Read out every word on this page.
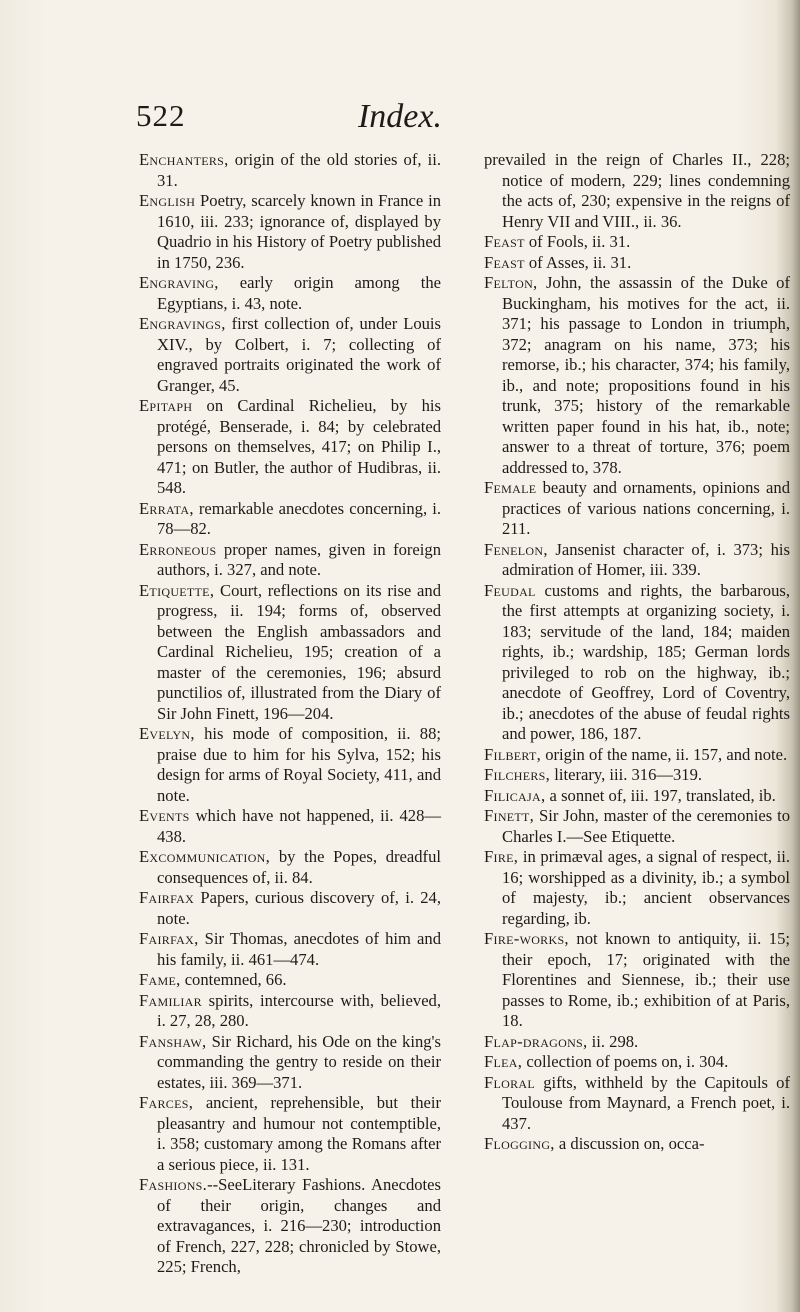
522	Index.

Enchanters, origin of the old stories of, ii. 31.

English Poetry, scarcely known in France in 1610, iii. 233; ignorance of, displayed by Quadrio in his History of Poetry published in 1750, 236.

Engraving, early origin among the Egyptians, i. 43, note.

Engravings, first collection of, under Louis XIV., by Colbert, i. 7; collecting of engraved portraits originated the work of Granger, 45.

Epitaph on Cardinal Richelieu, by his protégé, Benserade, i. 84; by celebrated persons on themselves, 417; on Philip I., 471; on Butler, the author of Hudibras, ii. 548.

Errata, remarkable anecdotes concerning, i. 78—82.

Erroneous proper names, given in foreign authors, i. 327, and note.

Etiquette, Court, reflections on its rise and progress, ii. 194; forms of, observed between the English ambassadors and Cardinal Richelieu, 195; creation of a master of the ceremonies, 196; absurd punctilios of, illustrated from the Diary of Sir John Finett, 196—204.

Evelyn, his mode of composition, ii. 88; praise due to him for his Sylva, 152; his design for arms of Royal Society, 411, and note.

Events which have not happened, ii. 428—438.

Excommunication, by the Popes, dreadful consequences of, ii. 84.

Fairfax Papers, curious discovery of, i. 24, note.

Fairfax, Sir Thomas, anecdotes of him and his family, ii. 461—474.

Fame, contemned, 66.

Familiar spirits, intercourse with, believed, i. 27, 28, 280.

Fanshaw, Sir Richard, his Ode on the king's commanding the gentry to reside on their estates, iii. 369—371.

Farces, ancient, reprehensible, but their pleasantry and humour not contemptible, i. 358; customary among the Romans after a serious piece, ii. 131.

Fashions.--SeeLiterary Fashions. Anecdotes of their origin, changes and extravagances, i. 216—230; introduction of French, 227, 228; chronicled by Stowe, 225; French,

prevailed in the reign of Charles II., 228; notice of modern, 229; lines condemning the acts of, 230; expensive in the reigns of Henry VII and VIII., ii. 36.

Feast of Fools, ii. 31.

Feast of Asses, ii. 31.

Felton, John, the assassin of the Duke of Buckingham, his motives for the act, ii. 371; his passage to London in triumph, 372; anagram on his name, 373; his remorse, ib.; his character, 374; his family, ib., and note; propositions found in his trunk, 375; history of the remarkable written paper found in his hat, ib., note; answer to a threat of torture, 376; poem addressed to, 378.

Female beauty and ornaments, opinions and practices of various nations concerning, i. 211.

Fenelon, Jansenist character of, i. 373; his admiration of Homer, iii. 339.

Feudal customs and rights, the barbarous, the first attempts at organizing society, i. 183; servitude of the land, 184; maiden rights, ib.; wardship, 185; German lords privileged to rob on the highway, ib.; anecdote of Geoffrey, Lord of Coventry, ib.; anecdotes of the abuse of feudal rights and power, 186, 187.

Filbert, origin of the name, ii. 157, and note.

Filchers, literary, iii. 316—319.

Filicaja, a sonnet of, iii. 197, translated, ib.

Finett, Sir John, master of the ceremonies to Charles I.—See Etiquette.

Fire, in primæval ages, a signal of respect, ii. 16; worshipped as a divinity, ib.; a symbol of majesty, ib.; ancient observances regarding, ib.

Fire-works, not known to antiquity, ii. 15; their epoch, 17; originated with the Florentines and Siennese, ib.; their use passes to Rome, ib.; exhibition of at Paris, 18.

Flap-dragons, ii. 298.

Flea, collection of poems on, i. 304.

Floral gifts, withheld by the Capitouls of Toulouse from Maynard, a French poet, i. 437.

Flogging, a discussion on, occa-
